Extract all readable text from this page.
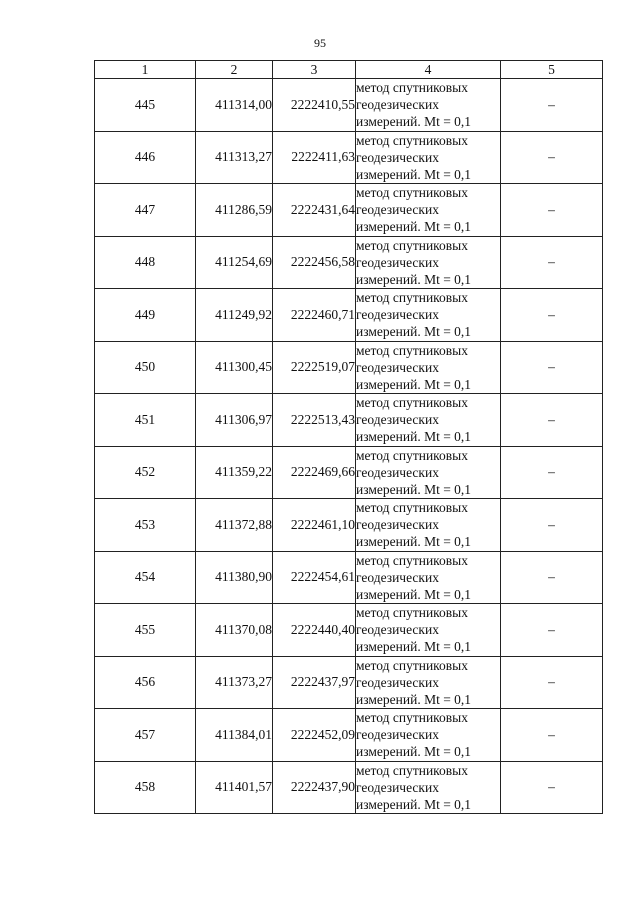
95
1	2	3	4	5
445	411314,00	2222410,55	метод спутниковых
геодезических
измерений. Mt = 0,1	–
446	411313,27	2222411,63	метод спутниковых
геодезических
измерений. Mt = 0,1	–
447	411286,59	2222431,64	метод спутниковых
геодезических
измерений. Mt = 0,1	–
448	411254,69	2222456,58	метод спутниковых
геодезических
измерений. Mt = 0,1	–
449	411249,92	2222460,71	метод спутниковых
геодезических
измерений. Mt = 0,1	–
450	411300,45	2222519,07	метод спутниковых
геодезических
измерений. Mt = 0,1	–
451	411306,97	2222513,43	метод спутниковых
геодезических
измерений. Mt = 0,1	–
452	411359,22	2222469,66	метод спутниковых
геодезических
измерений. Mt = 0,1	–
453	411372,88	2222461,10	метод спутниковых
геодезических
измерений. Mt = 0,1	–
454	411380,90	2222454,61	метод спутниковых
геодезических
измерений. Mt = 0,1	–
455	411370,08	2222440,40	метод спутниковых
геодезических
измерений. Mt = 0,1	–
456	411373,27	2222437,97	метод спутниковых
геодезических
измерений. Mt = 0,1	–
457	411384,01	2222452,09	метод спутниковых
геодезических
измерений. Mt = 0,1	–
458	411401,57	2222437,90	метод спутниковых
геодезических
измерений. Mt = 0,1	–
